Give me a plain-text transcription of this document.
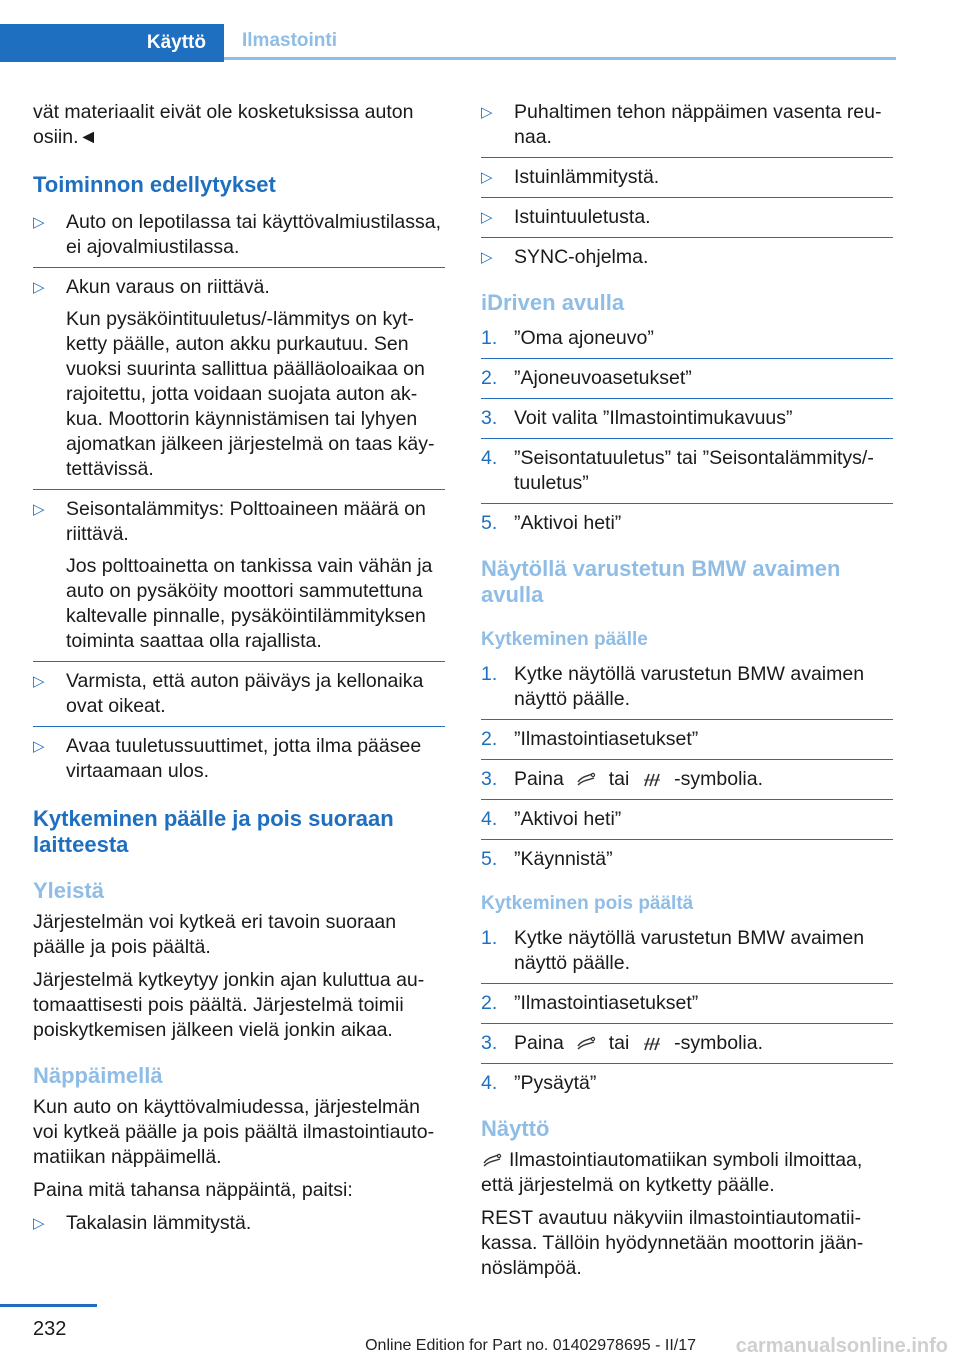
Käyttö	Ilmastointi

vät materiaalit eivät ole kosketuksissa auton osiin.◄

Toiminnon edellytykset
▷	Auto on lepotilassa tai käyttövalmiustilassa, ei ajovalmiustilassa.

▷	Akun varaus on riittävä.

Kun pysäköintituuletus/-lämmitys on kytketty päälle, auton akku purkautuu. Sen vuoksi suurinta sallittua päälläoloaikaa on rajoitettu, jotta voidaan suojata auton akkua. Moottorin käynnistämisen tai lyhyen ajomatkan jälkeen järjestelmä on taas käytettävissä.

▷	Seisontalämmitys: Polttoaineen määrä on riittävä.

Jos polttoainetta on tankissa vain vähän ja auto on pysäköity moottori sammutettuna kaltevalle pinnalle, pysäköintilämmityksen toiminta saattaa olla rajallista.

▷	Varmista, että auton päiväys ja kellonaika ovat oikeat.

▷	Avaa tuuletussuuttimet, jotta ilma pääsee virtaamaan ulos.

Kytkeminen päälle ja pois suoraan laitteesta
Yleistä

Järjestelmän voi kytkeä eri tavoin suoraan päälle ja pois päältä.

Järjestelmä kytkeytyy jonkin ajan kuluttua automaattisesti pois päältä. Järjestelmä toimii poiskytkemisen jälkeen vielä jonkin aikaa.

Näppäimellä

Kun auto on käyttövalmiudessa, järjestelmän voi kytkeä päälle ja pois päältä ilmastointiautomatiikan näppäimellä.

Paina mitä tahansa näppäintä, paitsi:

▷	Takalasin lämmitystä.

▷	Puhaltimen tehon näppäimen vasenta reunaa.

▷	Istuinlämmitystä.

▷	Istuintuuletusta.

▷	SYNC-ohjelma.

iDriven avulla
1. ”Oma ajoneuvo”
2. ”Ajoneuvoasetukset”
3. Voit valita ”Ilmastointimukavuus”
4. ”Seisontatuuletus” tai ”Seisontalämmitys/-tuuletus”
5. ”Aktivoi heti”
Näytöllä varustetun BMW avaimen avulla
Kytkeminen päälle
1. Kytke näytöllä varustetun BMW avaimen näyttö päälle.
2. ”Ilmastointiasetukset”
3. Paina tai -symbolia.
4. ”Aktivoi heti”
5. ”Käynnistä”
Kytkeminen pois päältä
1. Kytke näytöllä varustetun BMW avaimen näyttö päälle.
2. ”Ilmastointiasetukset”
3. Paina tai -symbolia.
4. ”Pysäytä”
Näyttö

Ilmastointiautomatiikan symboli ilmoittaa, että järjestelmä on kytketty päälle.

REST avautuu näkyviin ilmastointiautomatiikassa. Tällöin hyödynnetään moottorin jäännöslämpöä.

232
Online Edition for Part no. 01402978695 - II/17 carmanualsonline.info
